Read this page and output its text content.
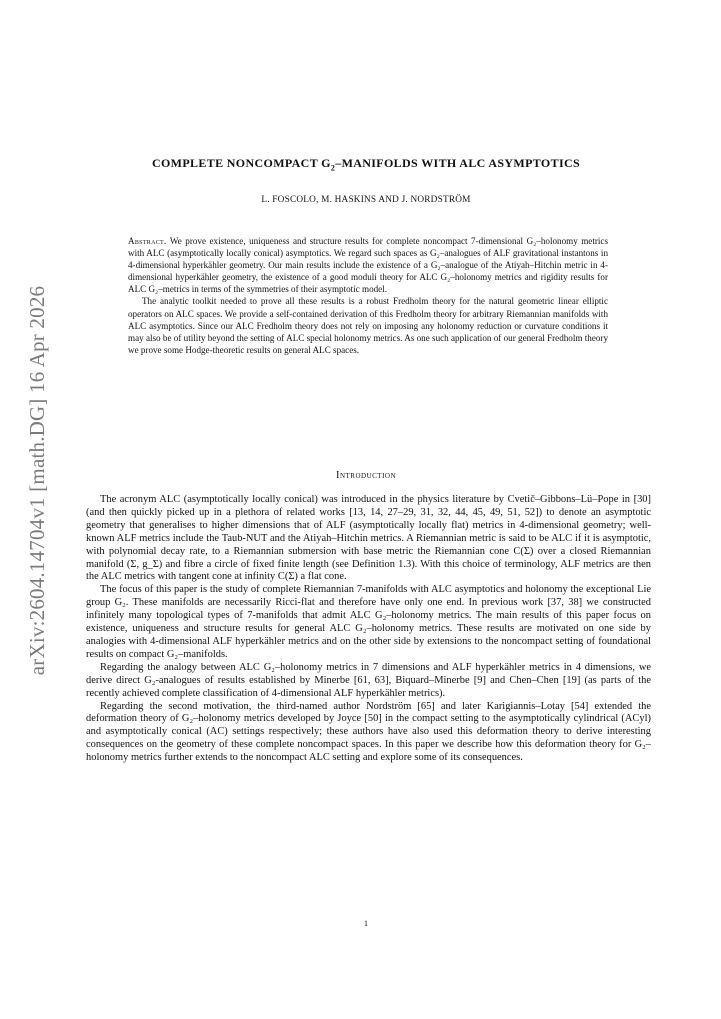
arXiv:2604.14704v1 [math.DG] 16 Apr 2026
COMPLETE NONCOMPACT $G_2$–MANIFOLDS WITH ALC ASYMPTOTICS
L. FOSCOLO, M. HASKINS AND J. NORDSTRÖM

Abstract. We prove existence, uniqueness and structure results for complete noncompact 7-dimensional G₂–holonomy metrics with ALC (asymptotically locally conical) asymptotics. We regard such spaces as G₂–analogues of ALF gravitational instantons in 4-dimensional hyperkähler geometry. Our main results include the existence of a G₂–analogue of the Atiyah–Hitchin metric in 4-dimensional hyperkähler geometry, the existence of a good moduli theory for ALC G₂–holonomy metrics and rigidity results for ALC G₂–metrics in terms of the symmetries of their asymptotic model.

The analytic toolkit needed to prove all these results is a robust Fredholm theory for the natural geometric linear elliptic operators on ALC spaces. We provide a self-contained derivation of this Fredholm theory for arbitrary Riemannian manifolds with ALC asymptotics. Since our ALC Fredholm theory does not rely on imposing any holonomy reduction or curvature conditions it may also be of utility beyond the setting of ALC special holonomy metrics. As one such application of our general Fredholm theory we prove some Hodge-theoretic results on general ALC spaces.

Introduction

The acronym ALC (asymptotically locally conical) was introduced in the physics literature by Cvetič–Gibbons–Lü–Pope in [30] (and then quickly picked up in a plethora of related works [13, 14, 27–29, 31, 32, 44, 45, 49, 51, 52]) to denote an asymptotic geometry that generalises to higher dimensions that of ALF (asymptotically locally flat) metrics in 4-dimensional geometry; well-known ALF metrics include the Taub-NUT and the Atiyah–Hitchin metrics. A Riemannian metric is said to be ALC if it is asymptotic, with polynomial decay rate, to a Riemannian submersion with base metric the Riemannian cone C(Σ) over a closed Riemannian manifold (Σ, g_Σ) and fibre a circle of fixed finite length (see Definition 1.3). With this choice of terminology, ALF metrics are then the ALC metrics with tangent cone at infinity C(Σ) a flat cone.

The focus of this paper is the study of complete Riemannian 7-manifolds with ALC asymptotics and holonomy the exceptional Lie group G₂. These manifolds are necessarily Ricci-flat and therefore have only one end. In previous work [37, 38] we constructed infinitely many topological types of 7-manifolds that admit ALC G₂–holonomy metrics. The main results of this paper focus on existence, uniqueness and structure results for general ALC G₂–holonomy metrics. These results are motivated on one side by analogies with 4-dimensional ALF hyperkähler metrics and on the other side by extensions to the noncompact setting of foundational results on compact G₂–manifolds.

Regarding the analogy between ALC G₂–holonomy metrics in 7 dimensions and ALF hyperkähler metrics in 4 dimensions, we derive direct G₂-analogues of results established by Minerbe [61, 63], Biquard–Minerbe [9] and Chen–Chen [19] (as parts of the recently achieved complete classification of 4-dimensional ALF hyperkähler metrics).

Regarding the second motivation, the third-named author Nordström [65] and later Karigiannis–Lotay [54] extended the deformation theory of G₂–holonomy metrics developed by Joyce [50] in the compact setting to the asymptotically cylindrical (ACyl) and asymptotically conical (AC) settings respectively; these authors have also used this deformation theory to derive interesting consequences on the geometry of these complete noncompact spaces. In this paper we describe how this deformation theory for G₂–holonomy metrics further extends to the noncompact ALC setting and explore some of its consequences.

1
